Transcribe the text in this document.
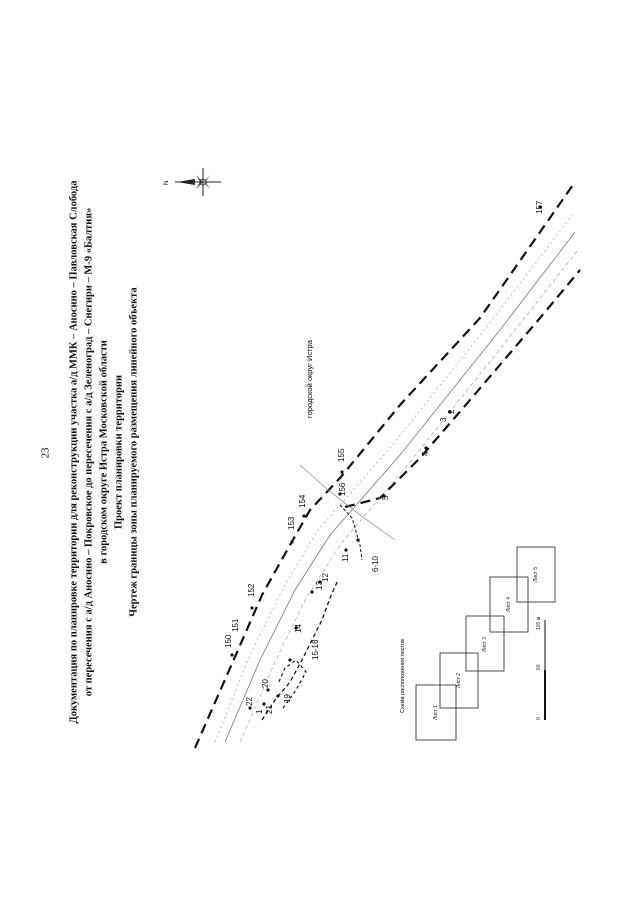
23 Документация по планировке территории для реконструкции участка а/д ММК – Аносино – Павловская Слобода от пересечения с а/д Аносино – Покровское до пересечения с а/д Зеленоград – Снегири – М-9 «Балтия» в городском округе Истра Московской области Проект планировки территории Чертеж границы зоны планируемого размещения линейного объекта
N
150
151
152
153
154
155
156
157
2
3
4
5
6-10
11
12
13
14
15-18
19
20
21
22
1
городской округ Истра
Лист 1
Лист 2
Лист 3
Лист 4
Лист 5
Схема расположения листов
0
60
120 м
